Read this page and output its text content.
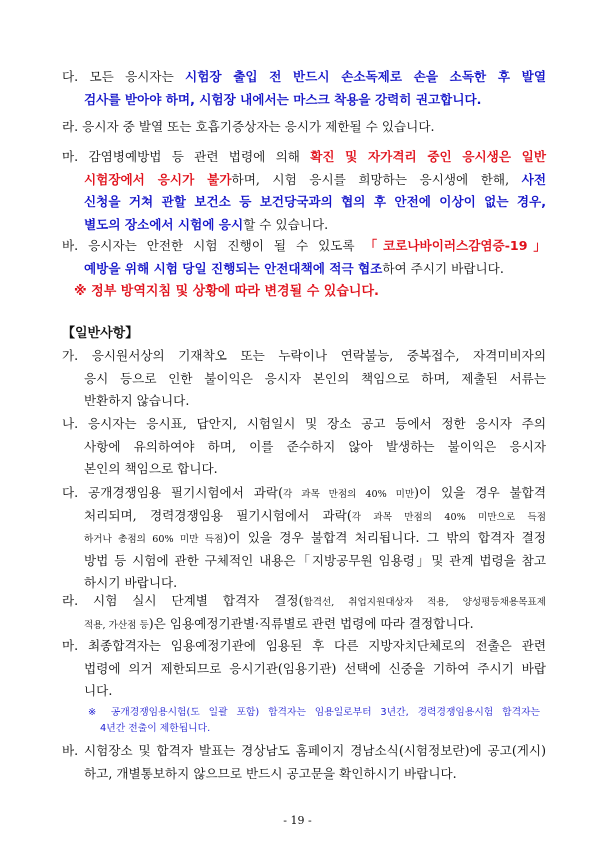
다. 모든 응시자는 시험장 출입 전 반드시 손소독제로 손을 소독한 후 발열
검사를 받아야 하며, 시험장 내에서는 마스크 착용을 강력히 권고합니다.
라. 응시자 중 발열 또는 호흡기증상자는 응시가 제한될 수 있습니다.
마. 감염병예방법 등 관련 법령에 의해 확진 및 자가격리 중인 응시생은 일반
시험장에서 응시가 불가하며, 시험 응시를 희망하는 응시생에 한해, 사전
신청을 거쳐 관할 보건소 등 보건당국과의 협의 후 안전에 이상이 없는 경우,
별도의 장소에서 시험에 응시할 수 있습니다.
바. 응시자는 안전한 시험 진행이 될 수 있도록 「코로나바이러스감염증-19」
예방을 위해 시험 당일 진행되는 안전대책에 적극 협조하여 주시기 바랍니다.
※ 정부 방역지침 및 상황에 따라 변경될 수 있습니다.
【일반사항】
가. 응시원서상의 기재착오 또는 누락이나 연락불능, 중복접수, 자격미비자의
응시 등으로 인한 불이익은 응시자 본인의 책임으로 하며, 제출된 서류는
반환하지 않습니다.
나. 응시자는 응시표, 답안지, 시험일시 및 장소 공고 등에서 정한 응시자 주의
사항에 유의하여야 하며, 이를 준수하지 않아 발생하는 불이익은 응시자
본인의 책임으로 합니다.
다. 공개경쟁임용 필기시험에서 과락(각 과목 만점의 40% 미만)이 있을 경우 불합격
처리되며, 경력경쟁임용 필기시험에서 과락(각 과목 만점의 40% 미만으로 득점
하거나 총점의 60% 미만 득점)이 있을 경우 불합격 처리됩니다. 그 밖의 합격자 결정
방법 등 시험에 관한 구체적인 내용은「지방공무원 임용령」및 관계 법령을 참고
하시기 바랍니다.
라. 시험 실시 단계별 합격자 결정(합격선, 취업지원대상자 적용, 양성평등채용목표제
적용, 가산점 등)은 임용예정기관별·직류별로 관련 법령에 따라 결정합니다.
마. 최종합격자는 임용예정기관에 임용된 후 다른 지방자치단체로의 전출은 관련
법령에 의거 제한되므로 응시기관(임용기관) 선택에 신중을 기하여 주시기 바랍
니다.
※ 공개경쟁임용시험(도 일괄 포함) 합격자는 임용일로부터 3년간, 경력경쟁임용시험 합격자는
4년간 전출이 제한됩니다.
바. 시험장소 및 합격자 발표는 경상남도 홈페이지 경남소식(시험정보란)에 공고(게시)
하고, 개별통보하지 않으므로 반드시 공고문을 확인하시기 바랍니다.
- 19 -
